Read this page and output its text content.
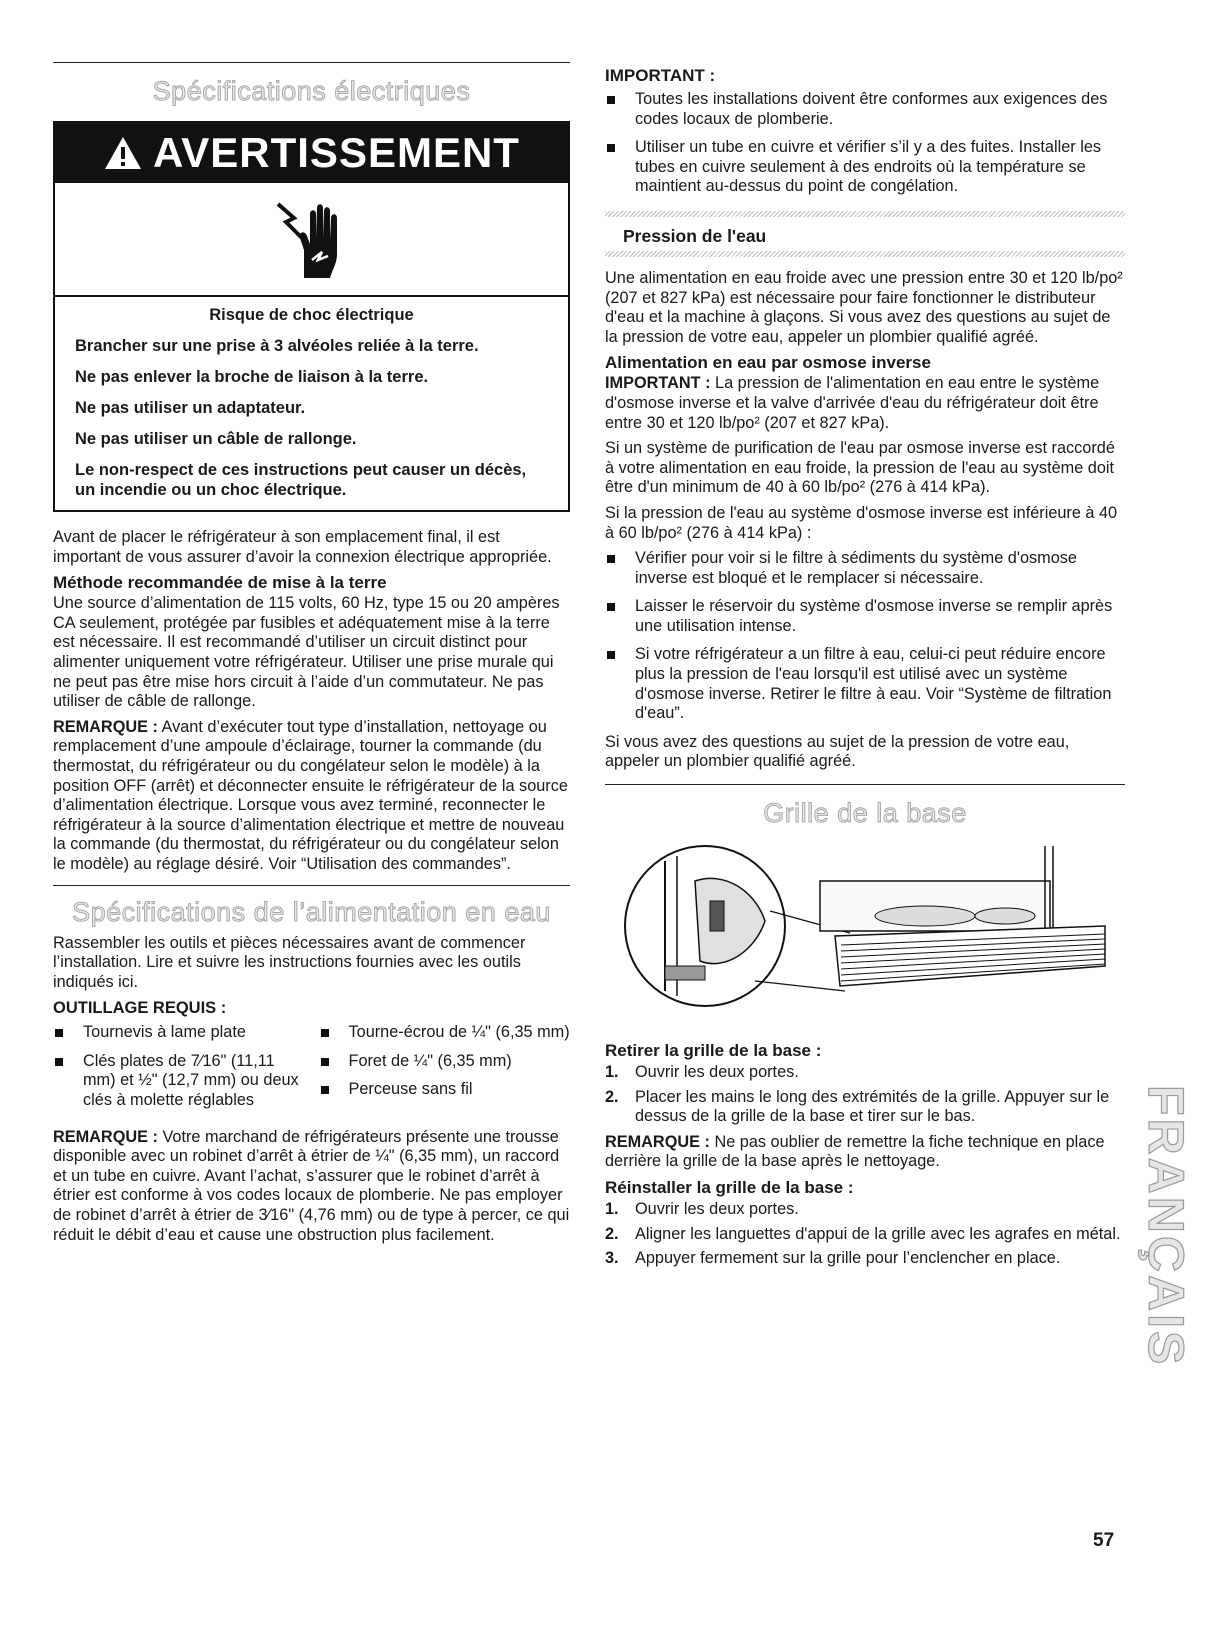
Spécifications électriques
AVERTISSEMENT

Risque de choc électrique

Brancher sur une prise à 3 alvéoles reliée à la terre.

Ne pas enlever la broche de liaison à la terre.

Ne pas utiliser un adaptateur.

Ne pas utiliser un câble de rallonge.

Le non-respect de ces instructions peut causer un décès, un incendie ou un choc électrique.

Avant de placer le réfrigérateur à son emplacement final, il est important de vous assurer d’avoir la connexion électrique appropriée.

Méthode recommandée de mise à la terre

Une source d’alimentation de 115 volts, 60 Hz, type 15 ou 20 ampères CA seulement, protégée par fusibles et adéquatement mise à la terre est nécessaire. Il est recommandé d’utiliser un circuit distinct pour alimenter uniquement votre réfrigérateur. Utiliser une prise murale qui ne peut pas être mise hors circuit à l’aide d’un commutateur. Ne pas utiliser de câble de rallonge.

REMARQUE : Avant d’exécuter tout type d’installation, nettoyage ou remplacement d’une ampoule d’éclairage, tourner la commande (du thermostat, du réfrigérateur ou du congélateur selon le modèle) à la position OFF (arrêt) et déconnecter ensuite le réfrigérateur de la source d’alimentation électrique. Lorsque vous avez terminé, reconnecter le réfrigérateur à la source d’alimentation électrique et mettre de nouveau la commande (du thermostat, du réfrigérateur ou du congélateur selon le modèle) au réglage désiré. Voir “Utilisation des commandes”.

Spécifications de l’alimentation en eau

Rassembler les outils et pièces nécessaires avant de commencer l’installation. Lire et suivre les instructions fournies avec les outils indiqués ici.

OUTILLAGE REQUIS :
Tournevis à lame plate
Clés plates de 7⁄16" (11,11 mm) et ½" (12,7 mm) ou deux clés à molette réglables
Tourne-écrou de ¼" (6,35 mm)
Foret de ¼" (6,35 mm)
Perceuse sans fil

REMARQUE : Votre marchand de réfrigérateurs présente une trousse disponible avec un robinet d’arrêt à étrier de ¼" (6,35 mm), un raccord et un tube en cuivre. Avant l’achat, s’assurer que le robinet d’arrêt à étrier est conforme à vos codes locaux de plomberie. Ne pas employer de robinet d’arrêt à étrier de 3⁄16" (4,76 mm) ou de type à percer, ce qui réduit le débit d’eau et cause une obstruction plus facilement.

IMPORTANT :
Toutes les installations doivent être conformes aux exigences des codes locaux de plomberie.
Utiliser un tube en cuivre et vérifier s’il y a des fuites. Installer les tubes en cuivre seulement à des endroits où la température se maintient au-dessus du point de congélation.
Pression de l'eau

Une alimentation en eau froide avec une pression entre 30 et 120 lb/po² (207 et 827 kPa) est nécessaire pour faire fonctionner le distributeur d'eau et la machine à glaçons. Si vous avez des questions au sujet de la pression de votre eau, appeler un plombier qualifié agréé.

Alimentation en eau par osmose inverse

IMPORTANT : La pression de l'alimentation en eau entre le système d'osmose inverse et la valve d'arrivée d'eau du réfrigérateur doit être entre 30 et 120 lb/po² (207 et 827 kPa).

Si un système de purification de l'eau par osmose inverse est raccordé à votre alimentation en eau froide, la pression de l'eau au système doit être d'un minimum de 40 à 60 lb/po² (276 à 414 kPa).

Si la pression de l'eau au système d'osmose inverse est inférieure à 40 à 60 lb/po² (276 à 414 kPa) :

Vérifier pour voir si le filtre à sédiments du système d'osmose inverse est bloqué et le remplacer si nécessaire.
Laisser le réservoir du système d'osmose inverse se remplir après une utilisation intense.
Si votre réfrigérateur a un filtre à eau, celui-ci peut réduire encore plus la pression de l'eau lorsqu'il est utilisé avec un système d'osmose inverse. Retirer le filtre à eau. Voir “Système de filtration d'eau”.

Si vous avez des questions au sujet de la pression de votre eau, appeler un plombier qualifié agréé.

Grille de la base
Retirer la grille de la base :
1. Ouvrir les deux portes.
2. Placer les mains le long des extrémités de la grille. Appuyer sur le dessus de la grille de la base et tirer sur le bas.

REMARQUE : Ne pas oublier de remettre la fiche technique en place derrière la grille de la base après le nettoyage.

Réinstaller la grille de la base :
1. Ouvrir les deux portes.
2. Aligner les languettes d'appui de la grille avec les agrafes en métal.
3. Appuyer fermement sur la grille pour l’enclencher en place.	FRANÇAIS
57
